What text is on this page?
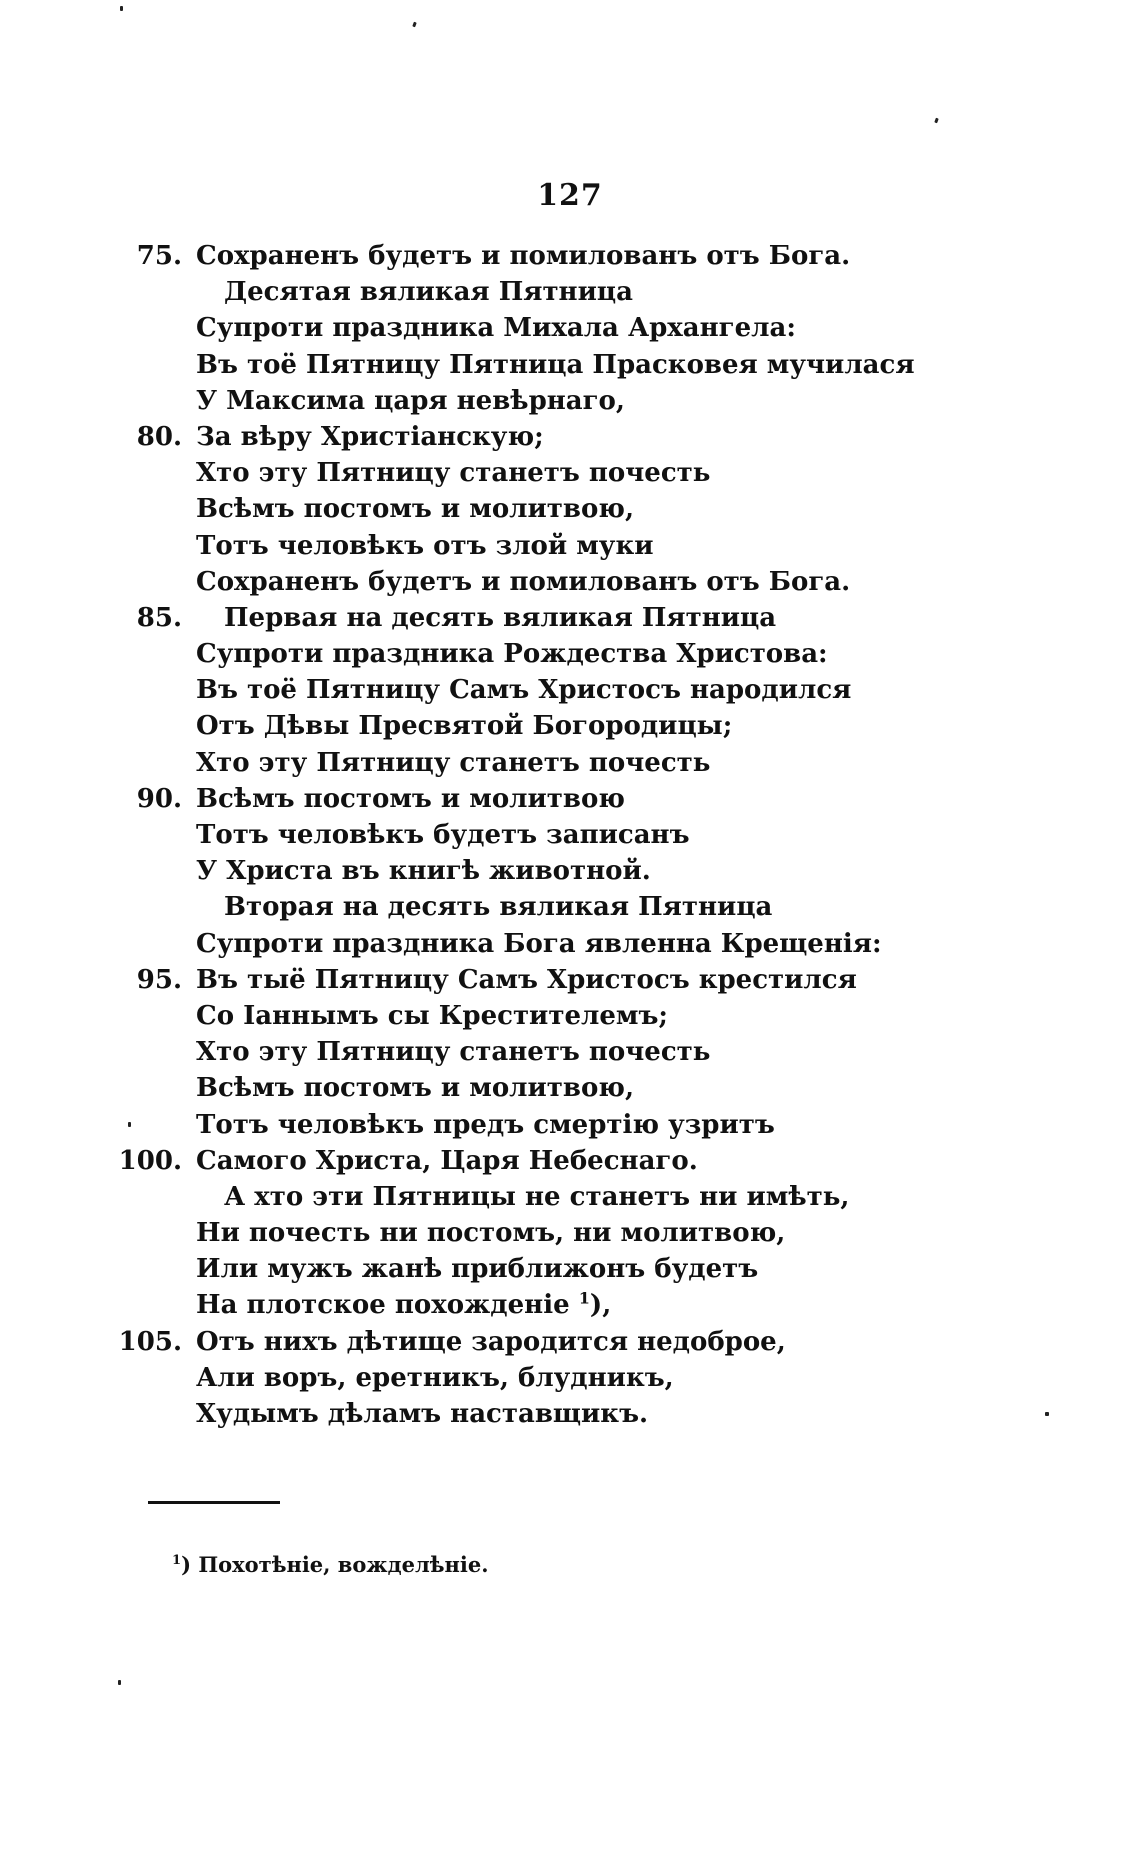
127
75. Сохраненъ будетъ и помилованъ отъ Бога.
Десятая вяликая Пятница
Супроти праздника Михала Архангела:
Въ тоё Пятницу Пятница Прасковея мучилася
У Максима царя невѣрнаго,
80. За вѣру Христіанскую;
Хто эту Пятницу станетъ почесть
Всѣмъ постомъ и молитвою,
Тотъ человѣкъ отъ злой муки
Сохраненъ будетъ и помилованъ отъ Бога.
85. Первая на десять вяликая Пятница
Супроти праздника Рождества Христова:
Въ тоё Пятницу Самъ Христосъ народился
Отъ Дѣвы Пресвятой Богородицы;
Хто эту Пятницу станетъ почесть
90. Всѣмъ постомъ и молитвою
Тотъ человѣкъ будетъ записанъ
У Христа въ книгѣ животной.
Вторая на десять вяликая Пятница
Супроти праздника Бога явленна Крещенія:
95. Въ тыё Пятницу Самъ Христосъ крестился
Со Іаннымъ сы Крестителемъ;
Хто эту Пятницу станетъ почесть
Всѣмъ постомъ и молитвою,
Тотъ человѣкъ предъ смертію узритъ
100. Самого Христа, Царя Небеснаго.
А хто эти Пятницы не станетъ ни имѣть,
Ни почесть ни постомъ, ни молитвою,
Или мужъ жанѣ приближонъ будетъ
На плотское похожденіе $^1$),
105. Отъ нихъ дѣтище зародится недоброе,
Али воръ, еретникъ, блудникъ,
Худымъ дѣламъ наставщикъ.
$^1$) Похотѣніе, вожделѣніе.
